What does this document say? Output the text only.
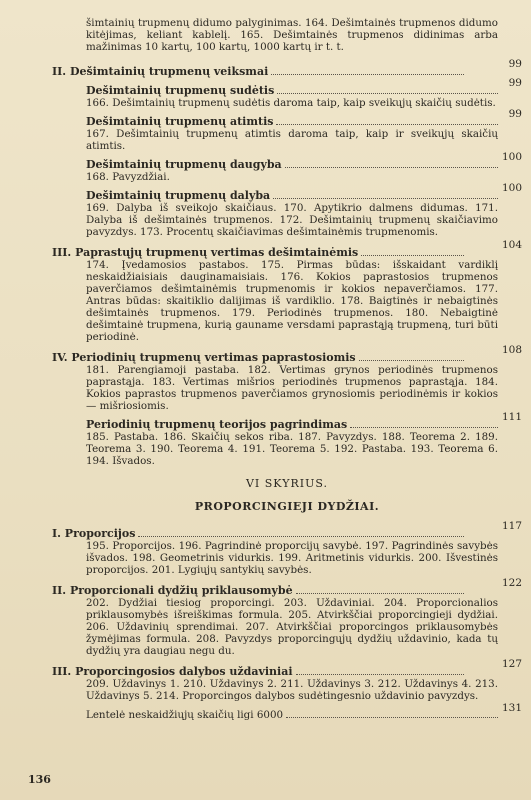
šimtainių trupmenų didumo palyginimas. 164. Dešimtainės trupmenos didumo kitėjimas, keliant kablelį. 165. Dešimtainės trupmenos didinimas arba mažinimas 10 kartų, 100 kartų, 1000 kartų ir t. t.
II. Dešimtainių trupmenų veiksmai
99
Dešimtainių trupmenų sudėtis
99
166. Dešimtainių trupmenų sudėtis daroma taip, kaip sveikųjų skaičių sudėtis.
Dešimtainių trupmenų atimtis
99
167. Dešimtainių trupmenų atimtis daroma taip, kaip ir sveikųjų skaičių atimtis.
Dešimtainių trupmenų daugyba
100
168. Pavyzdžiai.
Dešimtainių trupmenų dalyba
100
169. Dalyba iš sveikojo skaičiaus. 170. Apytikrio dalmens didumas. 171. Dalyba iš dešimtainės trupmenos. 172. Dešimtainių trupmenų skaičiavimo pavyzdys. 173. Procentų skaičiavimas dešimtainėmis trupmenomis.
III. Paprastųjų trupmenų vertimas dešimtainėmis
104
174. Įvedamosios pastabos. 175. Pirmas būdas: išskaidant vardiklį neskaidžiaisiais dauginamaisiais. 176. Kokios paprastosios trupmenos paverčiamos dešimtainėmis trupmenomis ir kokios nepaverčiamos. 177. Antras būdas: skaitiklio dalijimas iš vardiklio. 178. Baigtinės ir nebaigtinės dešimtainės trupmenos. 179. Periodinės trupmenos. 180. Nebaigtinė dešimtainė trupmena, kurią gauname versdami paprastąją trupmeną, turi būti periodinė.
IV. Periodinių trupmenų vertimas paprastosiomis
108
181. Parengiamoji pastaba. 182. Vertimas grynos periodinės trupmenos paprastąja. 183. Vertimas mišrios periodinės trupmenos paprastąja. 184. Kokios paprastos trupmenos paverčiamos grynosiomis periodinėmis ir kokios — mišriosiomis.
Periodinių trupmenų teorijos pagrindimas
111
185. Pastaba. 186. Skaičių sekos riba. 187. Pavyzdys. 188. Teorema 2. 189. Teorema 3. 190. Teorema 4. 191. Teorema 5. 192. Pastaba. 193. Teorema 6. 194. Išvados.
VI SKYRIUS.
PROPORCINGIEJI DYDŽIAI.
I. Proporcijos
117
195. Proporcijos. 196. Pagrindinė proporcijų savybė. 197. Pagrindinės savybės išvados. 198. Geometrinis vidurkis. 199. Aritmetinis vidurkis. 200. Išvestinės proporcijos. 201. Lygiųjų santykių savybės.
II. Proporcionali dydžių priklausomybė
122
202. Dydžiai tiesiog proporcingi. 203. Uždaviniai. 204. Proporcionalios priklausomybės išreiškimas formula. 205. Atvirkščiai proporcingieji dydžiai. 206. Uždavinių sprendimai. 207. Atvirkščiai proporcingos priklausomybės žymėjimas formula. 208. Pavyzdys proporcingųjų dydžių uždavinio, kada tų dydžių yra daugiau negu du.
III. Proporcingosios dalybos uždaviniai
127
209. Uždavinys 1. 210. Uždavinys 2. 211. Uždavinys 3. 212. Uždavinys 4. 213. Uždavinys 5. 214. Proporcingos dalybos sudėtingesnio uždavinio pavyzdys.
Lentelė neskaidžiųjų skaičių ligi 6000
131
136
